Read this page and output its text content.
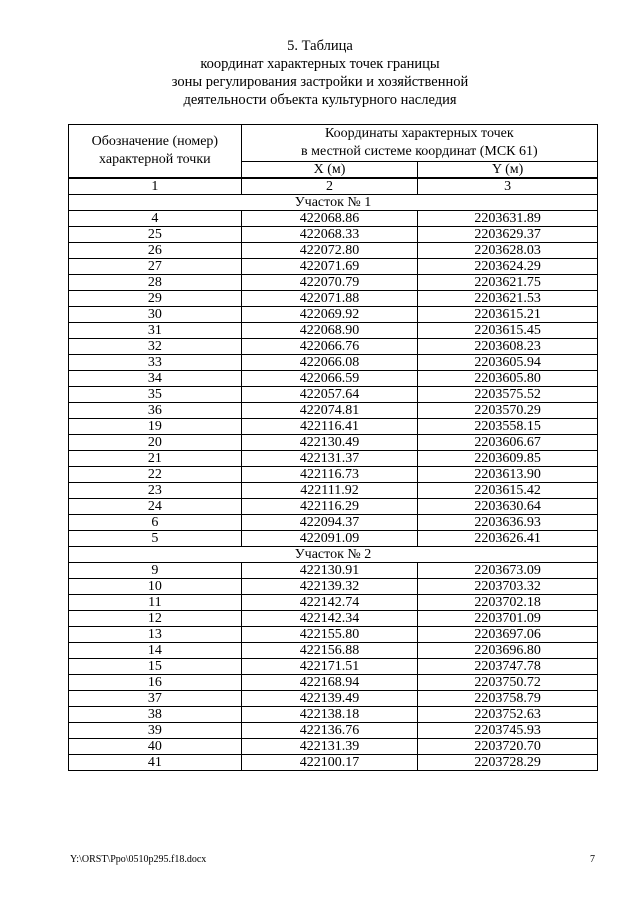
5. Таблица
координат характерных точек границы
зоны регулирования застройки и хозяйственной
деятельности объекта культурного наследия
Обозначение (номер) характерной точки	Координаты характерных точек
в местной системе координат (МСК 61)	

	X (м)	Y (м)
1	2	3
Участок № 1		
4	422068.86	2203631.89
25	422068.33	2203629.37
26	422072.80	2203628.03
27	422071.69	2203624.29
28	422070.79	2203621.75
29	422071.88	2203621.53
30	422069.92	2203615.21
31	422068.90	2203615.45
32	422066.76	2203608.23
33	422066.08	2203605.94
34	422066.59	2203605.80
35	422057.64	2203575.52
36	422074.81	2203570.29
19	422116.41	2203558.15
20	422130.49	2203606.67
21	422131.37	2203609.85
22	422116.73	2203613.90
23	422111.92	2203615.42
24	422116.29	2203630.64
6	422094.37	2203636.93
5	422091.09	2203626.41
Участок № 2		
9	422130.91	2203673.09
10	422139.32	2203703.32
11	422142.74	2203702.18
12	422142.34	2203701.09
13	422155.80	2203697.06
14	422156.88	2203696.80
15	422171.51	2203747.78
16	422168.94	2203750.72
37	422139.49	2203758.79
38	422138.18	2203752.63
39	422136.76	2203745.93
40	422131.39	2203720.70
41	422100.17	2203728.29
Y:\ORST\Ppo\0510p295.f18.docx	7
